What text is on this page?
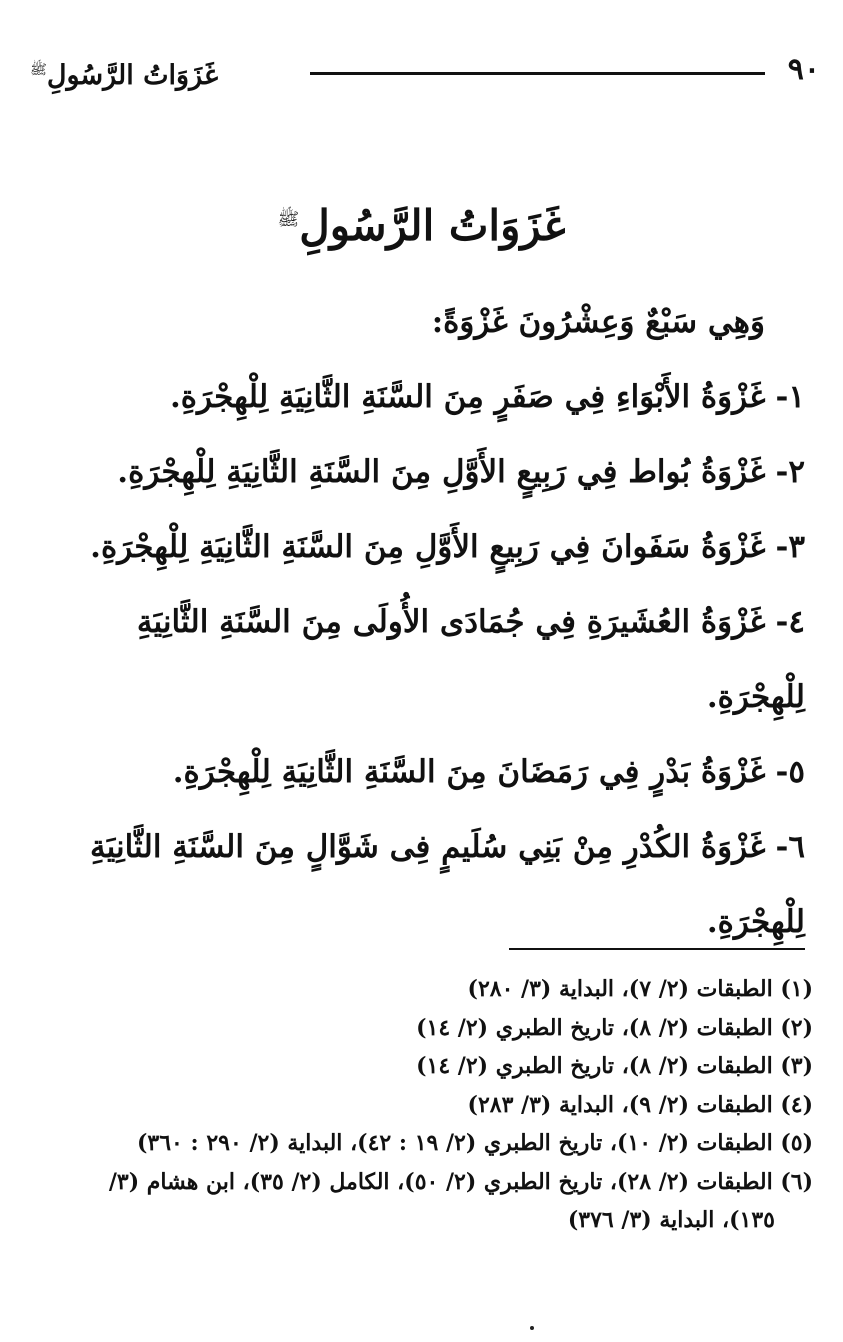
٩٠
غَزَوَاتُ الرَّسُولِ$^ﷺ$
غَزَوَاتُ الرَّسُولِ$^ﷺ$

وَهِي سَبْعٌ وَعِشْرُونَ غَزْوَةً:

١-غَزْوَةُ الأَبْوَاءِ فِي صَفَرٍ مِنَ السَّنَةِ الثَّانِيَةِ لِلْهِجْرَةِ.
٢-غَزْوَةُ بُواط فِي رَبِيعٍ الأَوَّلِ مِنَ السَّنَةِ الثَّانِيَةِ لِلْهِجْرَةِ.
٣-غَزْوَةُ سَفَوانَ فِي رَبِيعٍ الأَوَّلِ مِنَ السَّنَةِ الثَّانِيَةِ لِلْهِجْرَةِ.
٤-غَزْوَةُ العُشَيرَةِ فِي جُمَادَى الأُولَى مِنَ السَّنَةِ الثَّانِيَةِ لِلْهِجْرَةِ.
٥-غَزْوَةُ بَدْرٍ فِي رَمَضَانَ مِنَ السَّنَةِ الثَّانِيَةِ لِلْهِجْرَةِ.
٦-غَزْوَةُ الكُدْرِ مِنْ بَنِي سُلَيمٍ فِى شَوَّالٍ مِنَ السَّنَةِ الثَّانِيَةِ لِلْهِجْرَةِ.
(١) الطبقات (٢/ ٧)، البداية (٣/ ٢٨٠)
(٢) الطبقات (٢/ ٨)، تاريخ الطبري (٢/ ١٤)
(٣) الطبقات (٢/ ٨)، تاريخ الطبري (٢/ ١٤)
(٤) الطبقات (٢/ ٩)، البداية (٣/ ٢٨٣)
(٥) الطبقات (٢/ ١٠)، تاريخ الطبري (٢/ ١٩ : ٤٢)، البداية (٢/ ٢٩٠ : ٣٦٠)
(٦) الطبقات (٢/ ٢٨)، تاريخ الطبري (٢/ ٥٠)، الكامل (٢/ ٣٥)، ابن هشام (٣/
١٣٥)، البداية (٣/ ٣٧٦)
